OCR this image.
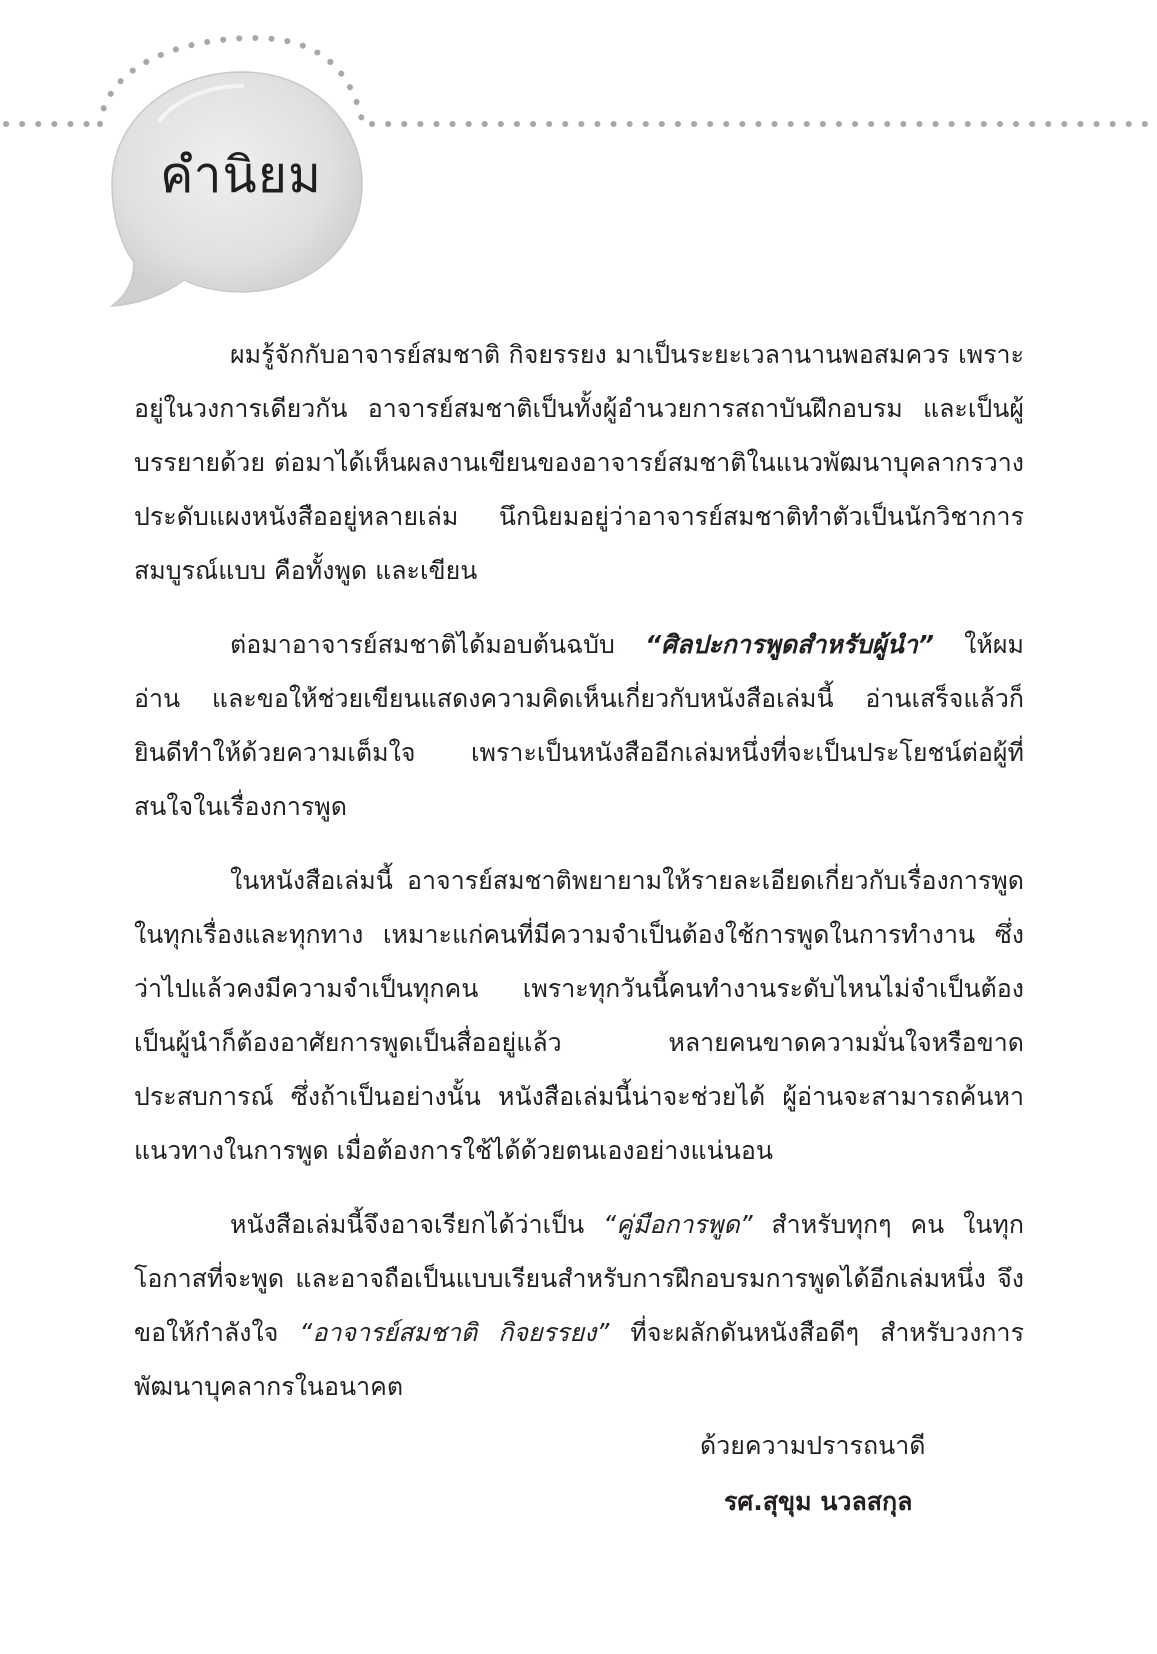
คำนิยม

ผมรู้จักกับอาจารย์สมชาติ กิจยรรยง มาเป็นระยะเวลานานพอสมควร เพราะอยู่ในวงการเดียวกัน อาจารย์สมชาติเป็นทั้งผู้อำนวยการสถาบันฝึกอบรม และเป็นผู้บรรยายด้วย ต่อมาได้เห็นผลงานเขียนของอาจารย์สมชาติในแนวพัฒนาบุคลากรวางประดับแผงหนังสืออยู่หลายเล่ม นึกนิยมอยู่ว่าอาจารย์สมชาติทำตัวเป็นนักวิชาการสมบูรณ์แบบ คือทั้งพูด และเขียน

ต่อมาอาจารย์สมชาติได้มอบต้นฉบับ “ศิลปะการพูดสำหรับผู้นำ” ให้ผมอ่าน และขอให้ช่วยเขียนแสดงความคิดเห็นเกี่ยวกับหนังสือเล่มนี้ อ่านเสร็จแล้วก็ยินดีทำให้ด้วยความเต็มใจ เพราะเป็นหนังสืออีกเล่มหนึ่งที่จะเป็นประโยชน์ต่อผู้ที่สนใจในเรื่องการพูด

ในหนังสือเล่มนี้ อาจารย์สมชาติพยายามให้รายละเอียดเกี่ยวกับเรื่องการพูดในทุกเรื่องและทุกทาง เหมาะแก่คนที่มีความจำเป็นต้องใช้การพูดในการทำงาน ซึ่งว่าไปแล้วคงมีความจำเป็นทุกคน เพราะทุกวันนี้คนทำงานระดับไหนไม่จำเป็นต้องเป็นผู้นำก็ต้องอาศัยการพูดเป็นสื่ออยู่แล้ว หลายคนขาดความมั่นใจหรือขาดประสบการณ์ ซึ่งถ้าเป็นอย่างนั้น หนังสือเล่มนี้น่าจะช่วยได้ ผู้อ่านจะสามารถค้นหาแนวทางในการพูด เมื่อต้องการใช้ได้ด้วยตนเองอย่างแน่นอน

หนังสือเล่มนี้จึงอาจเรียกได้ว่าเป็น “คู่มือการพูด” สำหรับทุกๆ คน ในทุกโอกาสที่จะพูด และอาจถือเป็นแบบเรียนสำหรับการฝึกอบรมการพูดได้อีกเล่มหนึ่ง จึงขอให้กำลังใจ “อาจารย์สมชาติ กิจยรรยง” ที่จะผลักดันหนังสือดีๆ สำหรับวงการพัฒนาบุคลากรในอนาคต

ด้วยความปรารถนาดี
รศ.สุขุม นวลสกุล
